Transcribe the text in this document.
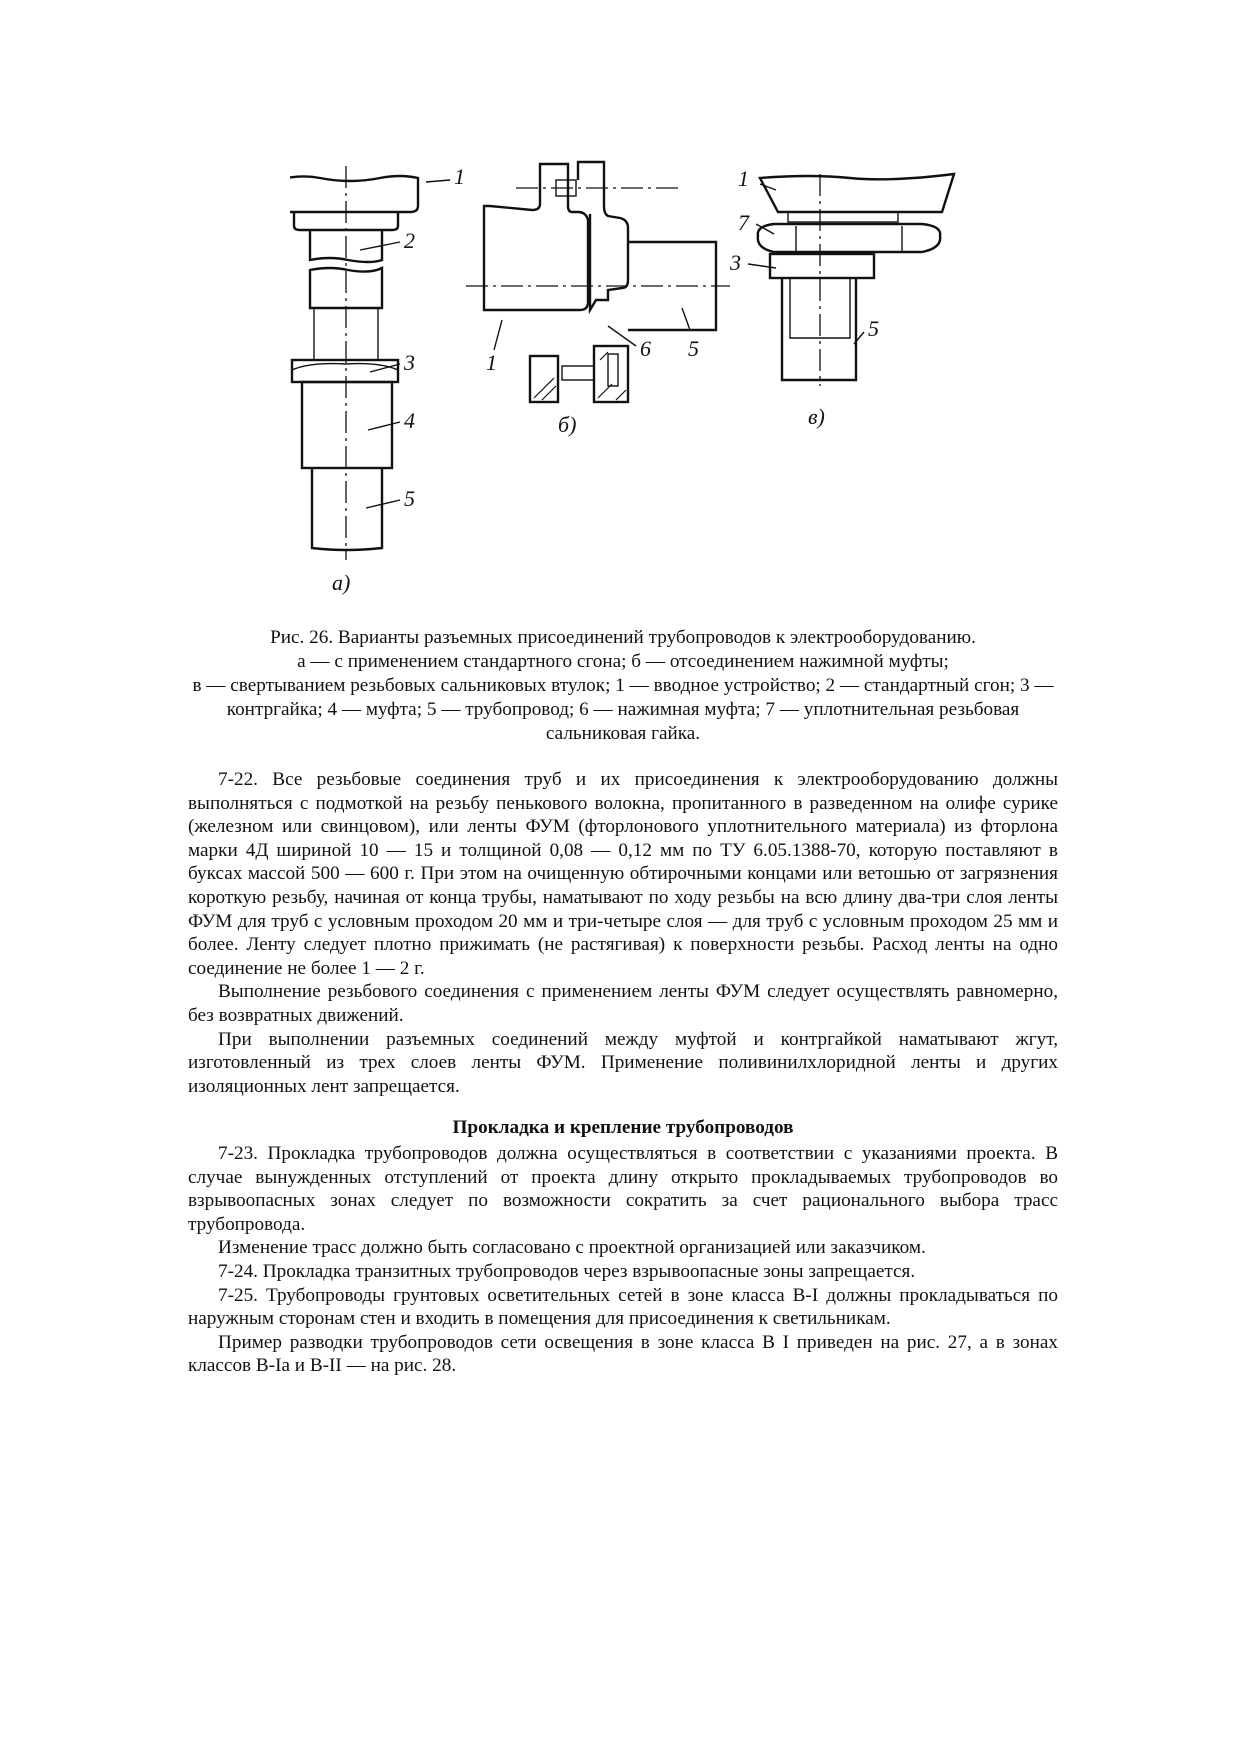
1
2
3
4
5
а)
1
6 5
б)
1
7
3
5
в)
Рис. 26. Варианты разъемных присоединений трубопроводов к электрооборудованию.
а — с применением стандартного сгона; б — отсоединением нажимной муфты;
в — свертыванием резьбовых сальниковых втулок; 1 — вводное устройство; 2 — стандартный сгон; 3 — контргайка; 4 — муфта; 5 — трубопровод; 6 — нажимная муфта; 7 — уплотнительная резьбовая сальниковая гайка.

7-22. Все резьбовые соединения труб и их присоединения к электрооборудованию должны выполняться с подмоткой на резьбу пенькового волокна, пропитанного в разведенном на олифе сурике (железном или свинцовом), или ленты ФУМ (фторлонового уплотнительного материала) из фторлона марки 4Д шириной 10 — 15 и толщиной 0,08 — 0,12 мм по ТУ 6.05.1388-70, которую поставляют в буксах массой 500 — 600 г. При этом на очищенную обтирочными концами или ветошью от загрязнения короткую резьбу, начиная от конца трубы, наматывают по ходу резьбы на всю длину два-три слоя ленты ФУМ для труб с условным проходом 20 мм и три-четыре слоя — для труб с условным проходом 25 мм и более. Ленту следует плотно прижимать (не растягивая) к поверхности резьбы. Расход ленты на одно соединение не более 1 — 2 г.

Выполнение резьбового соединения с применением ленты ФУМ следует осуществлять равномерно, без возвратных движений.

При выполнении разъемных соединений между муфтой и контргайкой наматывают жгут, изготовленный из трех слоев ленты ФУМ. Применение поливинилхлоридной ленты и других изоляционных лент запрещается.

Прокладка и крепление трубопроводов

7-23. Прокладка трубопроводов должна осуществляться в соответствии с указаниями проекта. В случае вынужденных отступлений от проекта длину открыто прокладываемых трубопроводов во взрывоопасных зонах следует по возможности сократить за счет рационального выбора трасс трубопровода.

Изменение трасс должно быть согласовано с проектной организацией или заказчиком.

7-24. Прокладка транзитных трубопроводов через взрывоопасные зоны запрещается.

7-25. Трубопроводы грунтовых осветительных сетей в зоне класса В-I должны прокладываться по наружным сторонам стен и входить в помещения для присоединения к светильникам.

Пример разводки трубопроводов сети освещения в зоне класса В I приведен на рис. 27, а в зонах классов В-Iа и В-II — на рис. 28.
